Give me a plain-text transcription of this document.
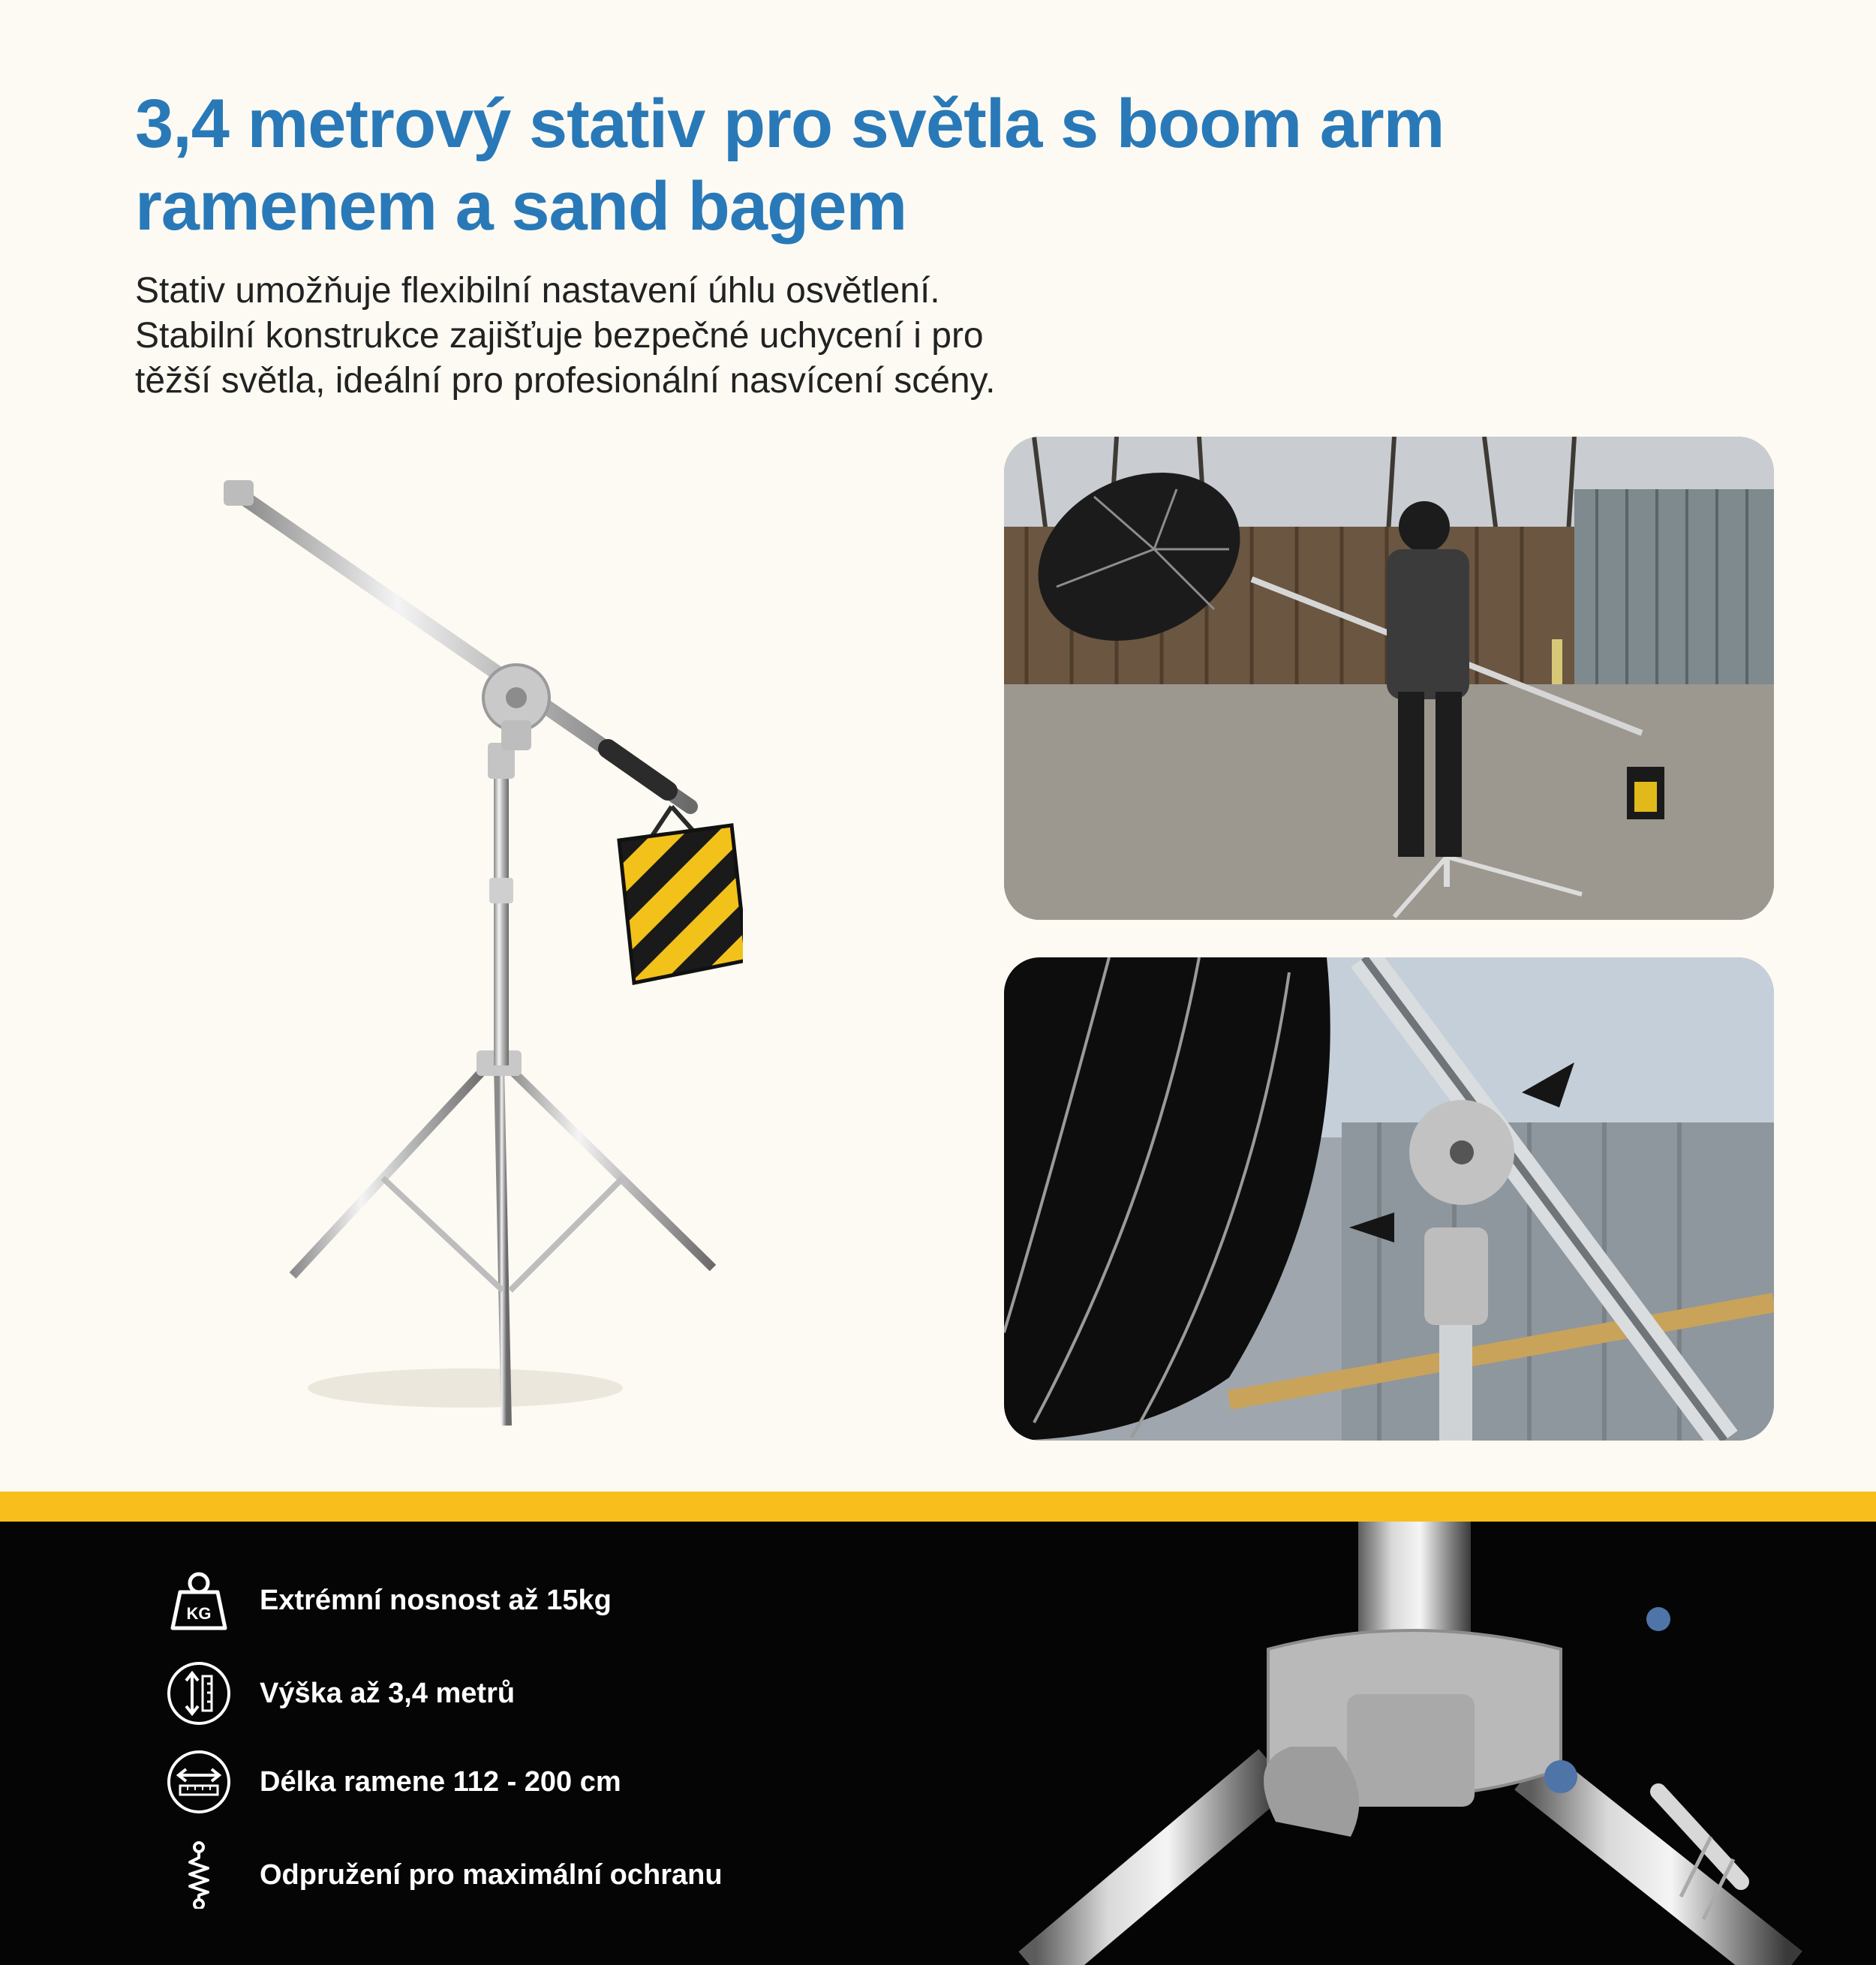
3,4 metrový stativ pro světla s boom arm ramenem a sand bagem

Stativ umožňuje flexibilní nastavení úhlu osvětlení. Stabilní konstrukce zajišťuje bezpečné uchycení i pro těžší světla, ideální pro profesionální nasvícení scény.

KG Extrémní nosnost až 15kg
Výška až 3,4 metrů
Délka ramene 112 - 200 cm
Odpružení pro maximální ochranu
